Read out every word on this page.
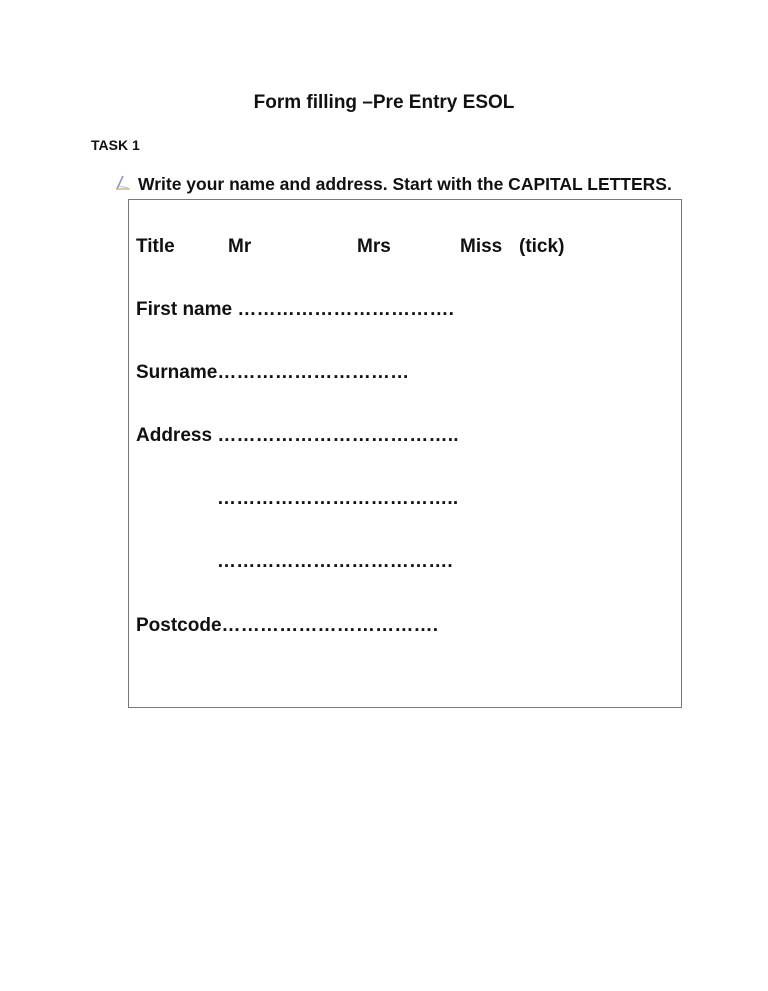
Form filling –Pre Entry ESOL
TASK 1
Write your name and address. Start with the CAPITAL LETTERS.
Title	Mr	Mrs	Miss (tick)
First name …………………………….
Surname…………………………
Address ………………………………..
………………………………..
……………………………….
Postcode…………………………….
